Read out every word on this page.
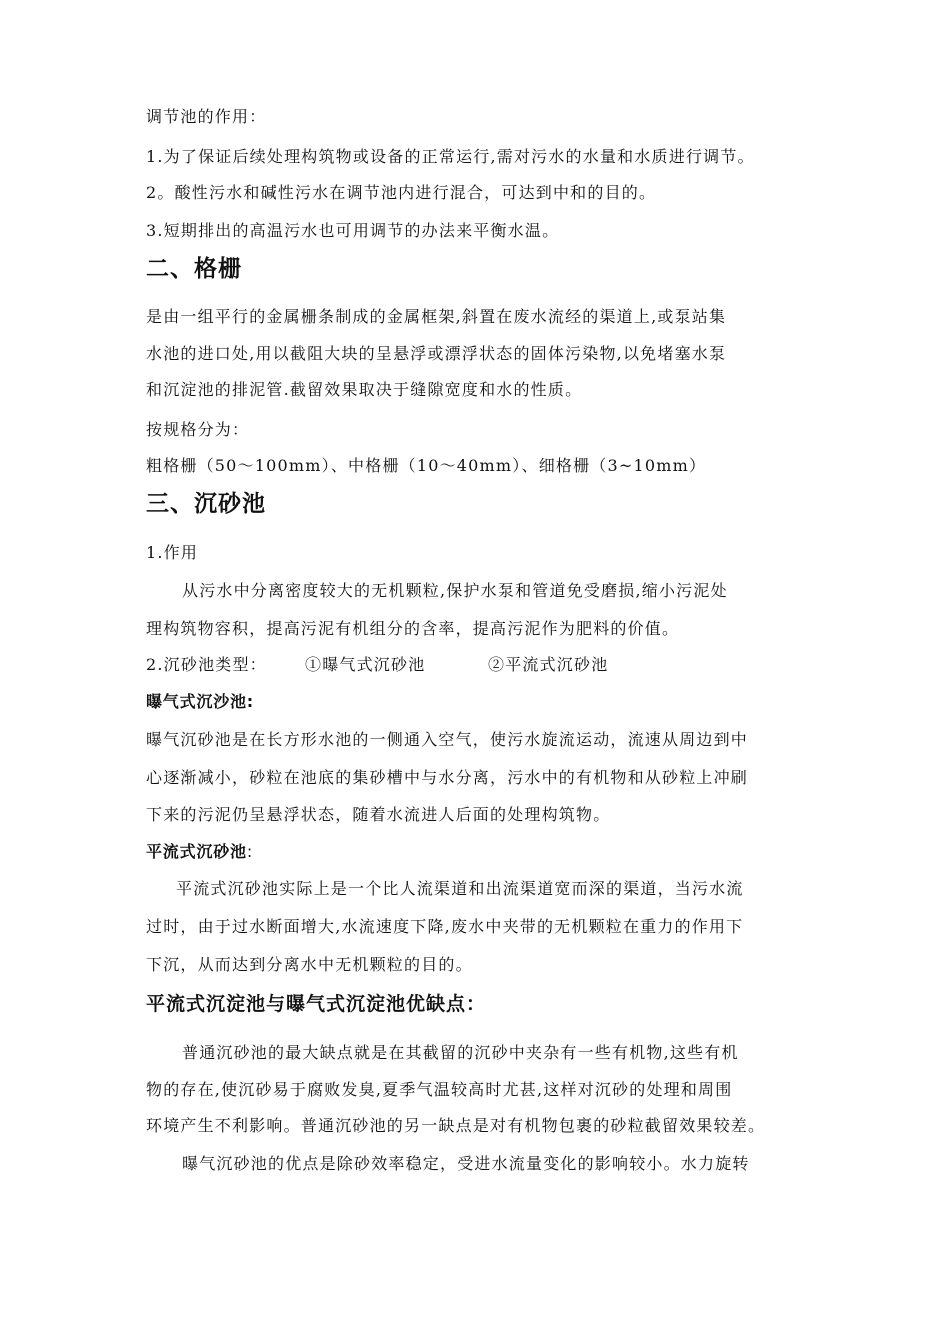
调节池的作用：
1.为了保证后续处理构筑物或设备的正常运行,需对污水的水量和水质进行调节。
2。酸性污水和碱性污水在调节池内进行混合，可达到中和的目的。
3.短期排出的高温污水也可用调节的办法来平衡水温。
二、格栅
是由一组平行的金属栅条制成的金属框架,斜置在废水流经的渠道上,或泵站集
水池的进口处,用以截阻大块的呈悬浮或漂浮状态的固体污染物,以免堵塞水泵
和沉淀池的排泥管.截留效果取决于缝隙宽度和水的性质。
按规格分为：
粗格栅（50～100mm）、中格栅（10～40mm）、细格栅（3~10mm）
三、沉砂池
1.作用
从污水中分离密度较大的无机颗粒,保护水泵和管道免受磨损,缩小污泥处
理构筑物容积，提高污泥有机组分的含率，提高污泥作为肥料的价值。
2.沉砂池类型： ①曝气式沉砂池	②平流式沉砂池
曝气式沉沙池:
曝气沉砂池是在长方形水池的一侧通入空气，使污水旋流运动，流速从周边到中
心逐渐减小，砂粒在池底的集砂槽中与水分离，污水中的有机物和从砂粒上冲刷
下来的污泥仍呈悬浮状态，随着水流进人后面的处理构筑物。
平流式沉砂池:
平流式沉砂池实际上是一个比人流渠道和出流渠道宽而深的渠道，当污水流
过时，由于过水断面增大,水流速度下降,废水中夹带的无机颗粒在重力的作用下
下沉，从而达到分离水中无机颗粒的目的。
平流式沉淀池与曝气式沉淀池优缺点：
普通沉砂池的最大缺点就是在其截留的沉砂中夹杂有一些有机物,这些有机
物的存在,使沉砂易于腐败发臭,夏季气温较高时尤甚,这样对沉砂的处理和周围
环境产生不利影响。普通沉砂池的另一缺点是对有机物包裹的砂粒截留效果较差。
曝气沉砂池的优点是除砂效率稳定，受进水流量变化的影响较小。水力旋转
